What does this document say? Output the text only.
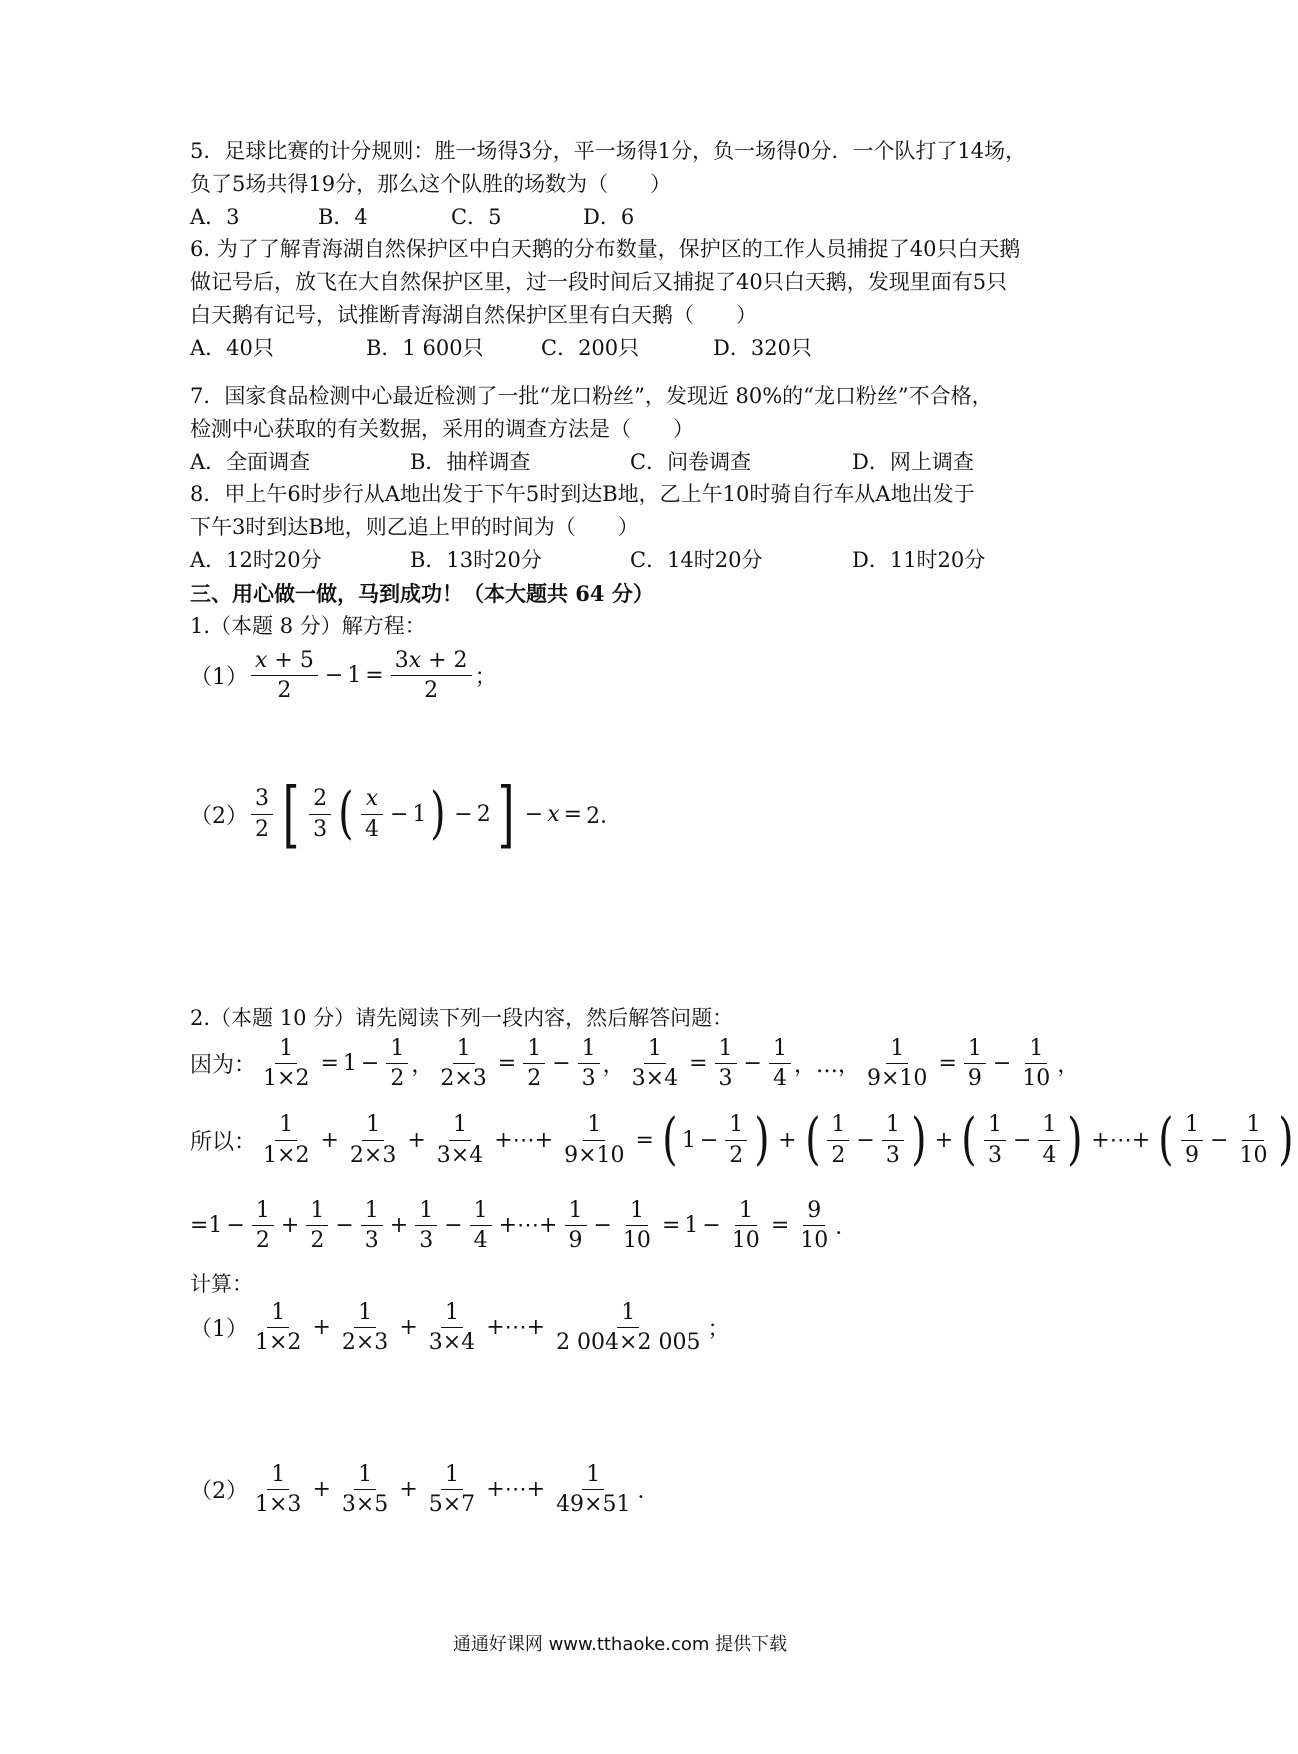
5．足球比赛的计分规则：胜一场得3分，平一场得1分，负一场得0分．一个队打了14场，
负了5场共得19分，那么这个队胜的场数为（　　）
A．3	B．4	C．5	D．6
6. 为了了解青海湖自然保护区中白天鹅的分布数量，保护区的工作人员捕捉了40只白天鹅
做记号后，放飞在大自然保护区里，过一段时间后又捕捉了40只白天鹅，发现里面有5只
白天鹅有记号，试推断青海湖自然保护区里有白天鹅（　　）
A．40只	B．1 600只	C．200只	D．320只
7．国家食品检测中心最近检测了一批“龙口粉丝”，发现近 80%的“龙口粉丝”不合格，
检测中心获取的有关数据，采用的调查方法是（　　）
A．全面调查	B．抽样调查	C．问卷调查	D．网上调查
8．甲上午6时步行从A地出发于下午5时到达B地，乙上午10时骑自行车从A地出发于
下午3时到达B地，则乙追上甲的时间为（　　）
A．12时20分	B．13时20分	C．14时20分	D．11时20分
三、用心做一做，马到成功！（本大题共 64 分）
1.（本题 8 分）解方程：
$(1) \frac{x + 5}{2} - 1 = \frac{3x + 2}{2}$ ；
$(2) \frac{3}{2}$ [ $\frac{2}{3}$ ( $\frac{x}{4} - 1$ ) − 2 ] − x = 2．
2.（本题 10 分）请先阅读下列一段内容，然后解答问题：
因为： $\frac{1}{1\times 2} = 1 - \frac{1}{2}$ ， $\frac{1}{2\times 3} = \frac{1}{2} - \frac{1}{3}$ ， $\frac{1}{3\times 4} = \frac{1}{3} - \frac{1}{4}$ ，…， $\frac{1}{9\times 10} = \frac{1}{9} - \frac{1}{10}$ ，
所以： $\frac{1}{1\times 2} + \frac{1}{2\times 3} + \frac{1}{3\times 4}$ +⋯+ $\frac{1}{9\times 10}$ = ( $1 - \frac{1}{2}$ ) + ( $\frac{1}{2} - \frac{1}{3}$ ) + ( $\frac{1}{3} - \frac{1}{4}$ ) +⋯+ ( $\frac{1}{9} - \frac{1}{10}$ )
$=1 - \frac{1}{2} + \frac{1}{2} - \frac{1}{3} + \frac{1}{3} - \frac{1}{4}$ +⋯+ $\frac{1}{9} - \frac{1}{10} = 1 - \frac{1}{10} = \frac{9}{10}$ ．
计算：
$(1) \frac{1}{1\times 2} + \frac{1}{2\times 3} + \frac{1}{3\times 4}$ +⋯+ $\frac{1}{2 004\times 2 005}$ ；
$(2) \frac{1}{1\times 3} + \frac{1}{3\times 5} + \frac{1}{5\times 7}$ +⋯+ $\frac{1}{49\times 51}$ ．
通通好课网 www.tthaoke.com 提供下载
